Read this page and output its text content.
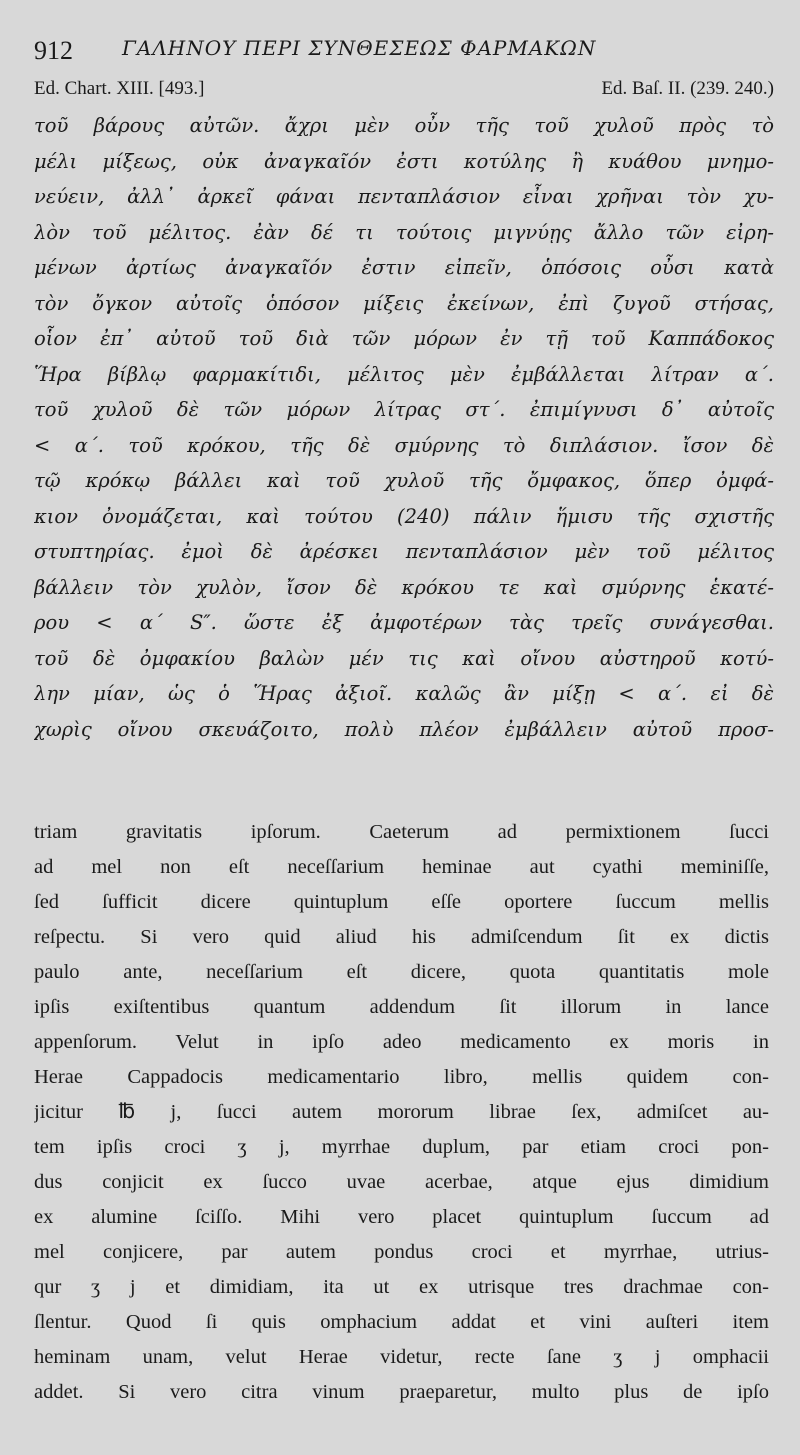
912 ΓΑΛΗΝΟΥ ΠΕΡΙ ΣΥΝΘΕΣΕΩΣ ΦΑΡΜΑΚΩΝ
Ed. Chart. XIII. [493.]	Ed. Baſ. II. (239. 240.)
τοῦ βάρους αὐτῶν. ἄχρι μὲν οὖν τῆς τοῦ χυλοῦ πρὸς τὸ
μέλι μίξεως, οὐκ ἀναγκαῖόν ἐστι κοτύλης ἢ κυάθου μνημο-
νεύειν, ἀλλ᾽ ἀρκεῖ φάναι πενταπλάσιον εἶναι χρῆναι τὸν χυ-
λὸν τοῦ μέλιτος. ἐὰν δέ τι τούτοις μιγνύῃς ἄλλο τῶν εἰρη-
μένων ἀρτίως ἀναγκαῖόν ἐστιν εἰπεῖν, ὁπόσοις οὖσι κατὰ
τὸν ὄγκον αὐτοῖς ὁπόσον μίξεις ἐκείνων, ἐπὶ ζυγοῦ στήσας,
οἷον ἐπ᾽ αὐτοῦ τοῦ διὰ τῶν μόρων ἐν τῇ τοῦ Καππάδοκος
Ἥρα βίβλῳ φαρμακίτιδι, μέλιτος μὲν ἐμβάλλεται λίτραν α΄.
τοῦ χυλοῦ δὲ τῶν μόρων λίτρας στ΄. ἐπιμίγνυσι δ᾽ αὐτοῖς
< α΄. τοῦ κρόκου, τῆς δὲ σμύρνης τὸ διπλάσιον. ἴσον δὲ
τῷ κρόκῳ βάλλει καὶ τοῦ χυλοῦ τῆς ὄμφακος, ὅπερ ὀμφά-
κιον ὀνομάζεται, καὶ τούτου (240) πάλιν ἥμισυ τῆς σχιστῆς
στυπτηρίας. ἐμοὶ δὲ ἀρέσκει πενταπλάσιον μὲν τοῦ μέλιτος
βάλλειν τὸν χυλὸν, ἴσον δὲ κρόκου τε καὶ σμύρνης ἑκατέ-
ρου < α΄ S″. ὥστε ἐξ ἀμφοτέρων τὰς τρεῖς συνάγεσθαι.
τοῦ δὲ ὀμφακίου βαλὼν μέν τις καὶ οἴνου αὐστηροῦ κοτύ-
λην μίαν, ὡς ὁ Ἥρας ἀξιοῖ. καλῶς ἂν μίξῃ < α΄. εἰ δὲ
χωρὶς οἴνου σκευάζοιτο, πολὺ πλέον ἐμβάλλειν αὐτοῦ προσ-
triam gravitatis ipſorum. Caeterum ad permixtionem ſucci
ad mel non eſt neceſſarium heminae aut cyathi meminiſſe,
ſed ſufficit dicere quintuplum eſſe oportere ſuccum mellis
reſpectu. Si vero quid aliud his admiſcendum ſit ex dictis
paulo ante, neceſſarium eſt dicere, quota quantitatis mole
ipſis exiſtentibus quantum addendum ſit illorum in lance
appenſorum. Velut in ipſo adeo medicamento ex moris in
Herae Cappadocis medicamentario libro, mellis quidem con-
jicitur ℔ j, ſucci autem mororum librae ſex, admiſcet au-
tem ipſis croci ʒ j, myrrhae duplum, par etiam croci pon-
dus conjicit ex ſucco uvae acerbae, atque ejus dimidium
ex alumine ſciſſo. Mihi vero placet quintuplum ſuccum ad
mel conjicere, par autem pondus croci et myrrhae, utrius-
qur ʒ j et dimidiam, ita ut ex utrisque tres drachmae con-
ſlentur. Quod ſi quis omphacium addat et vini auſteri item
heminam unam, velut Herae videtur, recte ſane ʒ j omphacii
addet. Si vero citra vinum praeparetur, multo plus de ipſo
